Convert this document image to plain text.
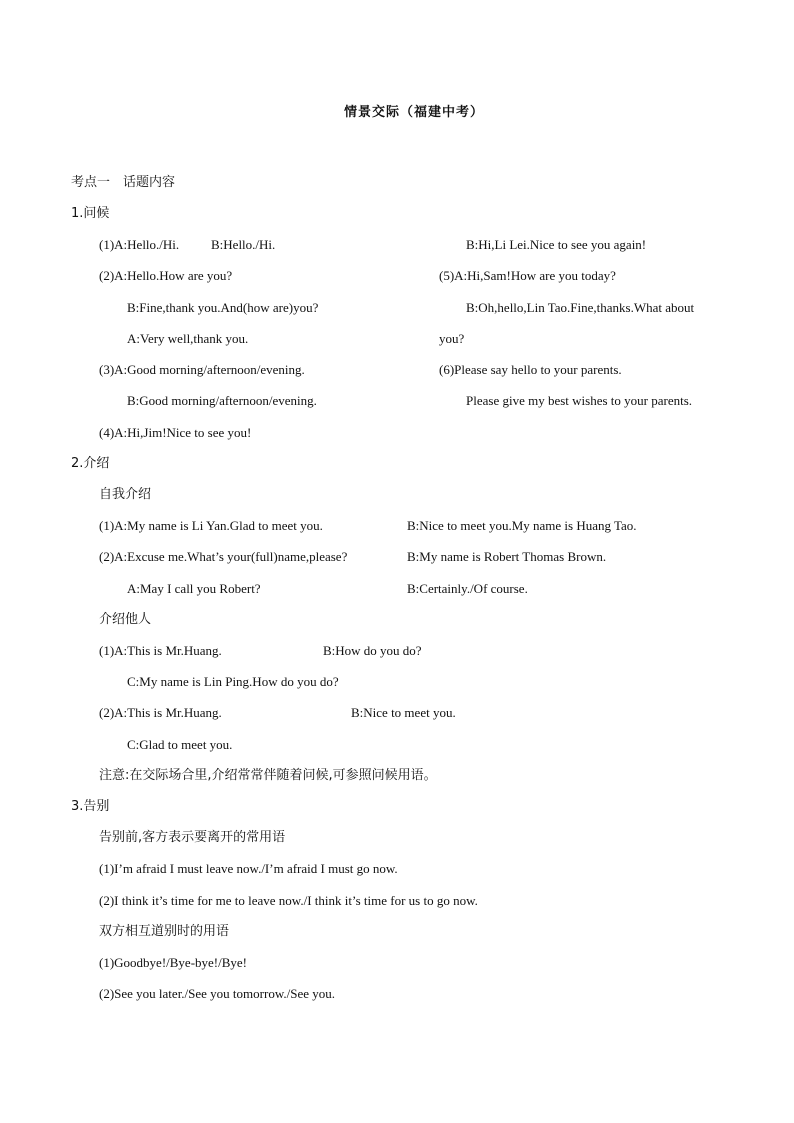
情景交际（福建中考）
考点一　话题内容
1.问候
(1)A:Hello./Hi. B:Hello./Hi.	B:Hi,Li Lei.Nice to see you again!
(2)A:Hello.How are you?	(5)A:Hi,Sam!How are you today?
B:Fine,thank you.And(how are)you?	B:Oh,hello,Lin Tao.Fine,thanks.What about
A:Very well,thank you.	you?
(3)A:Good morning/afternoon/evening.	(6)Please say hello to your parents.
B:Good morning/afternoon/evening.	Please give my best wishes to your parents.
(4)A:Hi,Jim!Nice to see you!
2.介绍
自我介绍
(1)A:My name is Li Yan.Glad to meet you.	B:Nice to meet you.My name is Huang Tao.
(2)A:Excuse me.What’s your(full)name,please?	B:My name is Robert Thomas Brown.
A:May I call you Robert?	B:Certainly./Of course.
介绍他人
(1)A:This is Mr.Huang.	B:How do you do?
C:My name is Lin Ping.How do you do?
(2)A:This is Mr.Huang.	B:Nice to meet you.
C:Glad to meet you.
注意:在交际场合里,介绍常常伴随着问候,可参照问候用语。
3.告别
告别前,客方表示要离开的常用语
(1)I’m afraid I must leave now./I’m afraid I must go now.
(2)I think it’s time for me to leave now./I think it’s time for us to go now.
双方相互道别时的用语
(1)Goodbye!/Bye-bye!/Bye!
(2)See you later./See you tomorrow./See you.
